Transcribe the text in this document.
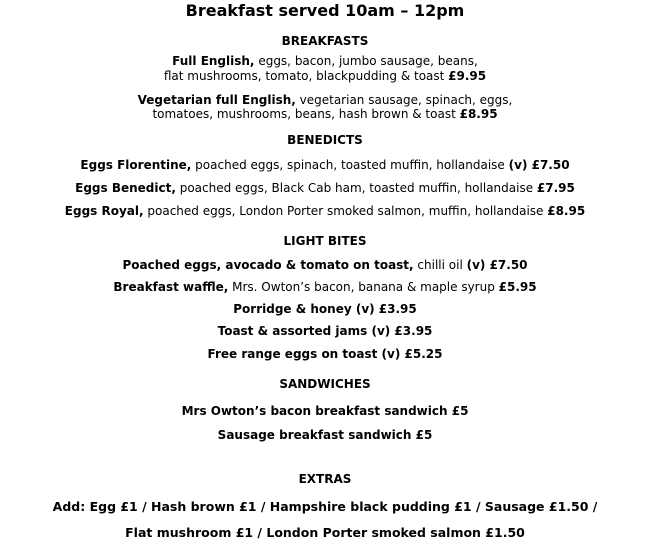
Breakfast served 10am – 12pm
BREAKFASTS
Full English, eggs, bacon, jumbo sausage, beans,
flat mushrooms, tomato, blackpudding & toast £9.95
Vegetarian full English, vegetarian sausage, spinach, eggs,
tomatoes, mushrooms, beans, hash brown & toast £8.95
BENEDICTS
Eggs Florentine, poached eggs, spinach, toasted muffin, hollandaise (v) £7.50
Eggs Benedict, poached eggs, Black Cab ham, toasted muffin, hollandaise £7.95
Eggs Royal, poached eggs, London Porter smoked salmon, muffin, hollandaise £8.95
LIGHT BITES
Poached eggs, avocado & tomato on toast, chilli oil (v) £7.50
Breakfast waffle, Mrs. Owton’s bacon, banana & maple syrup £5.95
Porridge & honey (v) £3.95
Toast & assorted jams (v) £3.95
Free range eggs on toast (v) £5.25
SANDWICHES
Mrs Owton’s bacon breakfast sandwich £5
Sausage breakfast sandwich £5
EXTRAS
Add: Egg £1 / Hash brown £1 / Hampshire black pudding £1 / Sausage £1.50 /
Flat mushroom £1 / London Porter smoked salmon £1.50
